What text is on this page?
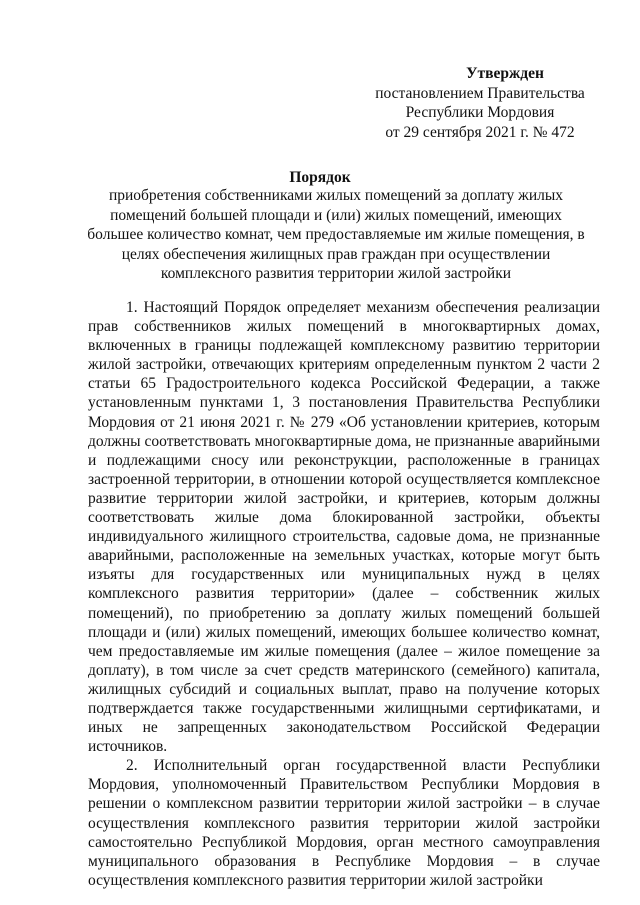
Утвержден
постановлением Правительства
Республики Мордовия
от 29 сентября 2021 г. № 472
Порядок
приобретения собственниками жилых помещений за доплату жилых помещений большей площади и (или) жилых помещений, имеющих большее количество комнат, чем предоставляемые им жилые помещения, в целях обеспечения жилищных прав граждан при осуществлении комплексного развития территории жилой застройки

1. Настоящий Порядок определяет механизм обеспечения реализации прав собственников жилых помещений в многоквартирных домах, включенных в границы подлежащей комплексному развитию территории жилой застройки, отвечающих критериям определенным пунктом 2 части 2 статьи 65 Градостроительного кодекса Российской Федерации, а также установленным пунктами 1, 3 постановления Правительства Республики Мордовия от 21 июня 2021 г. № 279 «Об установлении критериев, которым должны соответствовать многоквартирные дома, не признанные аварийными и подлежащими сносу или реконструкции, расположенные в границах застроенной территории, в отношении которой осуществляется комплексное развитие территории жилой застройки, и критериев, которым должны соответствовать жилые дома блокированной застройки, объекты индивидуального жилищного строительства, садовые дома, не признанные аварийными, расположенные на земельных участках, которые могут быть изъяты для государственных или муниципальных нужд в целях комплексного развития территории» (далее – собственник жилых помещений), по приобретению за доплату жилых помещений большей площади и (или) жилых помещений, имеющих большее количество комнат, чем предоставляемые им жилые помещения (далее – жилое помещение за доплату), в том числе за счет средств материнского (семейного) капитала, жилищных субсидий и социальных выплат, право на получение которых подтверждается также государственными жилищными сертификатами, и иных не запрещенных законодательством Российской Федерации источников.

2. Исполнительный орган государственной власти Республики Мордовия, уполномоченный Правительством Республики Мордовия в решении о комплексном развитии территории жилой застройки – в случае осуществления комплексного развития территории жилой застройки самостоятельно Республикой Мордовия, орган местного самоуправления муниципального образования в Республике Мордовия – в случае осуществления комплексного развития территории жилой застройки
